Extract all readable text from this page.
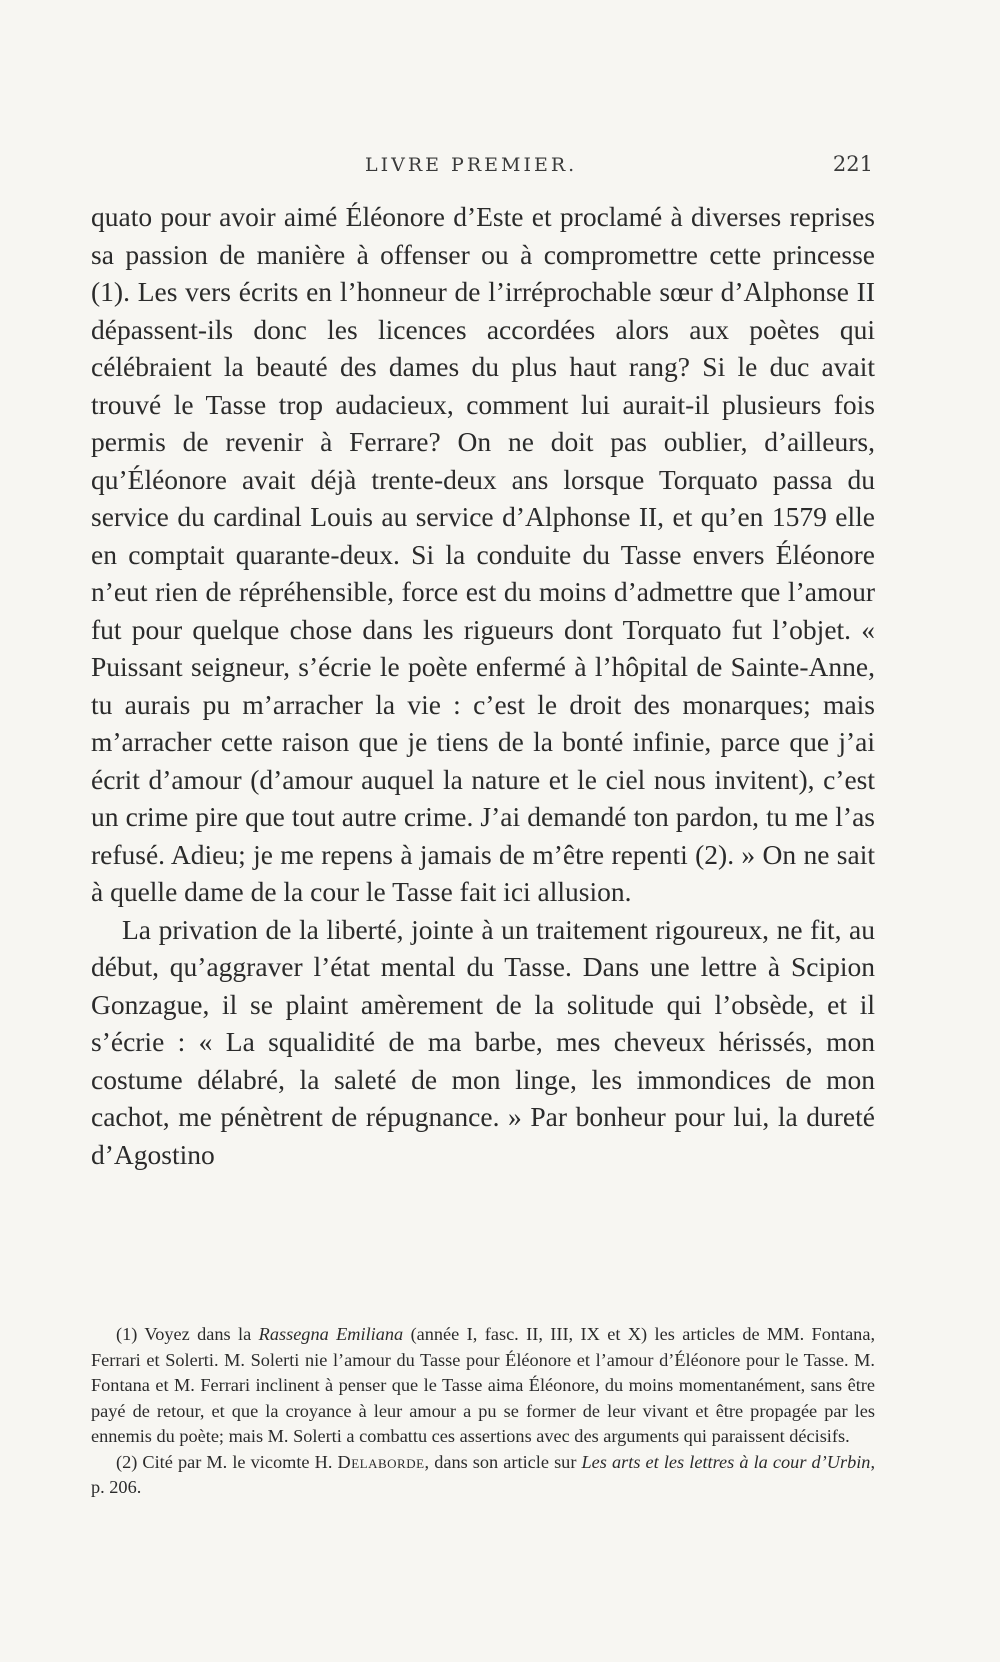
LIVRE PREMIER.	221

quato pour avoir aimé Éléonore d’Este et proclamé à diverses reprises sa passion de manière à offenser ou à compromettre cette princesse (1). Les vers écrits en l’honneur de l’irréprochable sœur d’Alphonse II dépassent-ils donc les licences accordées alors aux poètes qui célébraient la beauté des dames du plus haut rang? Si le duc avait trouvé le Tasse trop audacieux, comment lui aurait-il plusieurs fois permis de revenir à Ferrare? On ne doit pas oublier, d’ailleurs, qu’Éléonore avait déjà trente-deux ans lorsque Torquato passa du service du cardinal Louis au service d’Alphonse II, et qu’en 1579 elle en comptait quarante-deux. Si la conduite du Tasse envers Éléonore n’eut rien de répréhensible, force est du moins d’admettre que l’amour fut pour quelque chose dans les rigueurs dont Torquato fut l’objet. « Puissant seigneur, s’écrie le poète enfermé à l’hôpital de Sainte-Anne, tu aurais pu m’arracher la vie : c’est le droit des monarques; mais m’arracher cette raison que je tiens de la bonté infinie, parce que j’ai écrit d’amour (d’amour auquel la nature et le ciel nous invitent), c’est un crime pire que tout autre crime. J’ai demandé ton pardon, tu me l’as refusé. Adieu; je me repens à jamais de m’être repenti (2). » On ne sait à quelle dame de la cour le Tasse fait ici allusion.

La privation de la liberté, jointe à un traitement rigoureux, ne fit, au début, qu’aggraver l’état mental du Tasse. Dans une lettre à Scipion Gonzague, il se plaint amèrement de la solitude qui l’obsède, et il s’écrie : « La squalidité de ma barbe, mes cheveux hérissés, mon costume délabré, la saleté de mon linge, les immondices de mon cachot, me pénètrent de répugnance. » Par bonheur pour lui, la dureté d’Agostino

(1) Voyez dans la Rassegna Emiliana (année I, fasc. II, III, IX et X) les articles de MM. Fontana, Ferrari et Solerti. M. Solerti nie l’amour du Tasse pour Éléonore et l’amour d’Éléonore pour le Tasse. M. Fontana et M. Ferrari inclinent à penser que le Tasse aima Éléonore, du moins momentanément, sans être payé de retour, et que la croyance à leur amour a pu se former de leur vivant et être propagée par les ennemis du poète; mais M. Solerti a combattu ces assertions avec des arguments qui paraissent décisifs.

(2) Cité par M. le vicomte H. Delaborde, dans son article sur Les arts et les lettres à la cour d’Urbin, p. 206.
